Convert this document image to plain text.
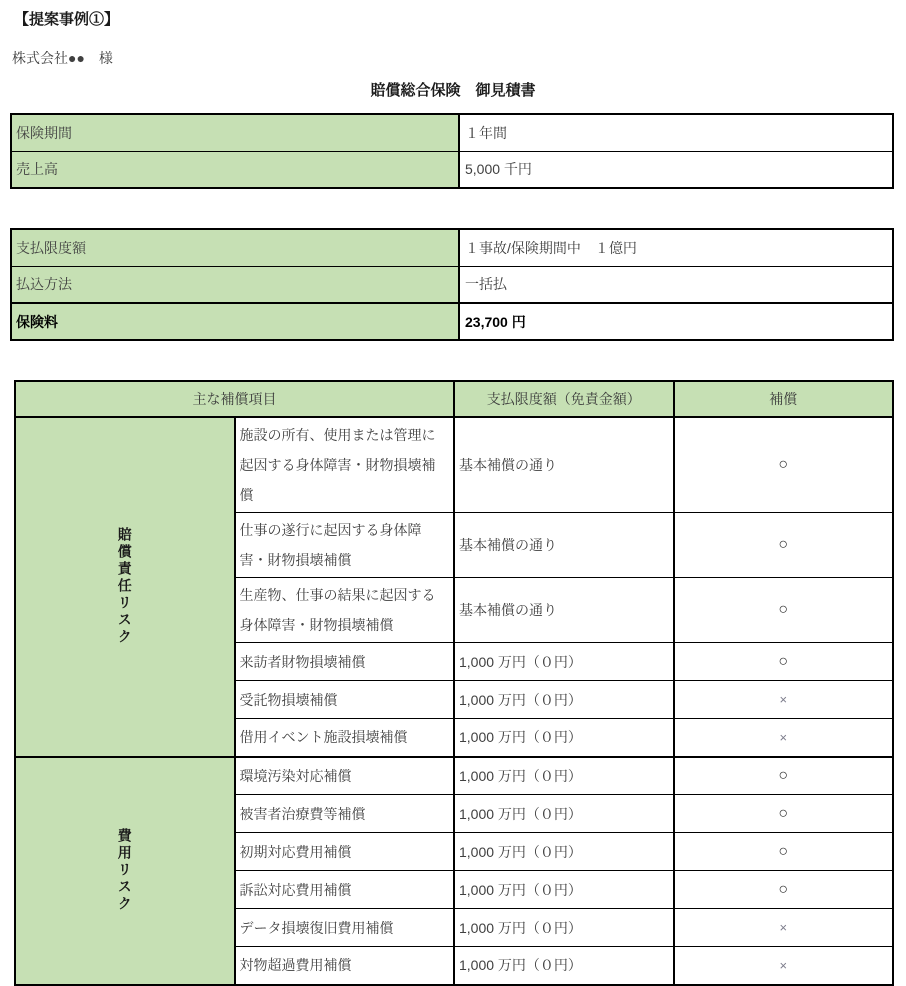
【提案事例①】
株式会社●●　様
賠償総合保険　御見積書
保険期間	１年間
売上高	5,000 千円
支払限度額	１事故/保険期間中　１億円
払込方法	一括払
保険料	23,700 円
主な補償項目		支払限度額（免責金額）	補償
賠償責任リスク	施設の所有、使用または管理に起因する身体障害・財物損壊補償	基本補償の通り	○
	仕事の遂行に起因する身体障害・財物損壊補償	基本補償の通り	○
	生産物、仕事の結果に起因する身体障害・財物損壊補償	基本補償の通り	○
	来訪者財物損壊補償	1,000 万円（０円）	○
	受託物損壊補償	1,000 万円（０円）	×
	借用イベント施設損壊補償	1,000 万円（０円）	×
費用リスク	環境汚染対応補償	1,000 万円（０円）	○
	被害者治療費等補償	1,000 万円（０円）	○
	初期対応費用補償	1,000 万円（０円）	○
	訴訟対応費用補償	1,000 万円（０円）	○
	データ損壊復旧費用補償	1,000 万円（０円）	×
	対物超過費用補償	1,000 万円（０円）	×
